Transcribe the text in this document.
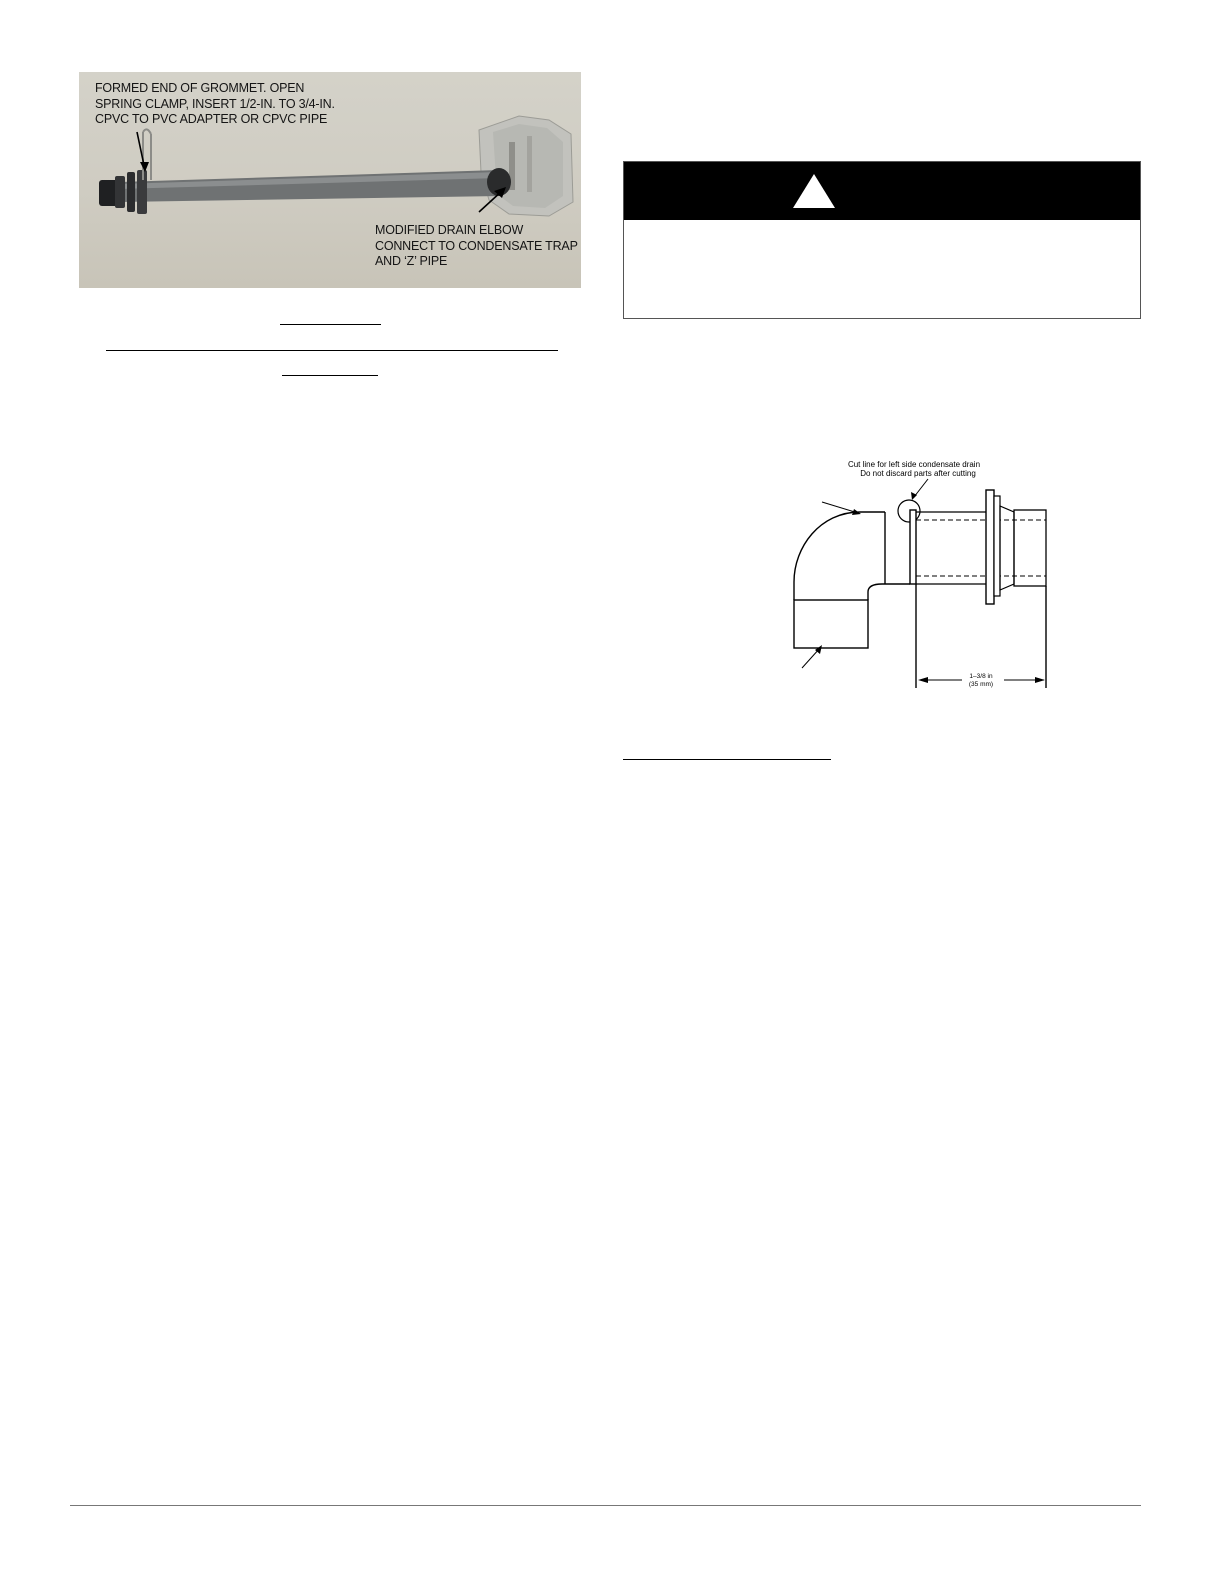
FORMED END OF GROMMET. OPEN
SPRING CLAMP, INSERT 1/2-IN. TO 3/4-IN.
CPVC TO PVC ADAPTER OR CPVC PIPE
MODIFIED DRAIN ELBOW
CONNECT TO CONDENSATE TRAP
AND ‘Z’ PIPE
Cut line for left side condensate drain
Do not discard parts after cutting
1–3/8 in
(35 mm)
